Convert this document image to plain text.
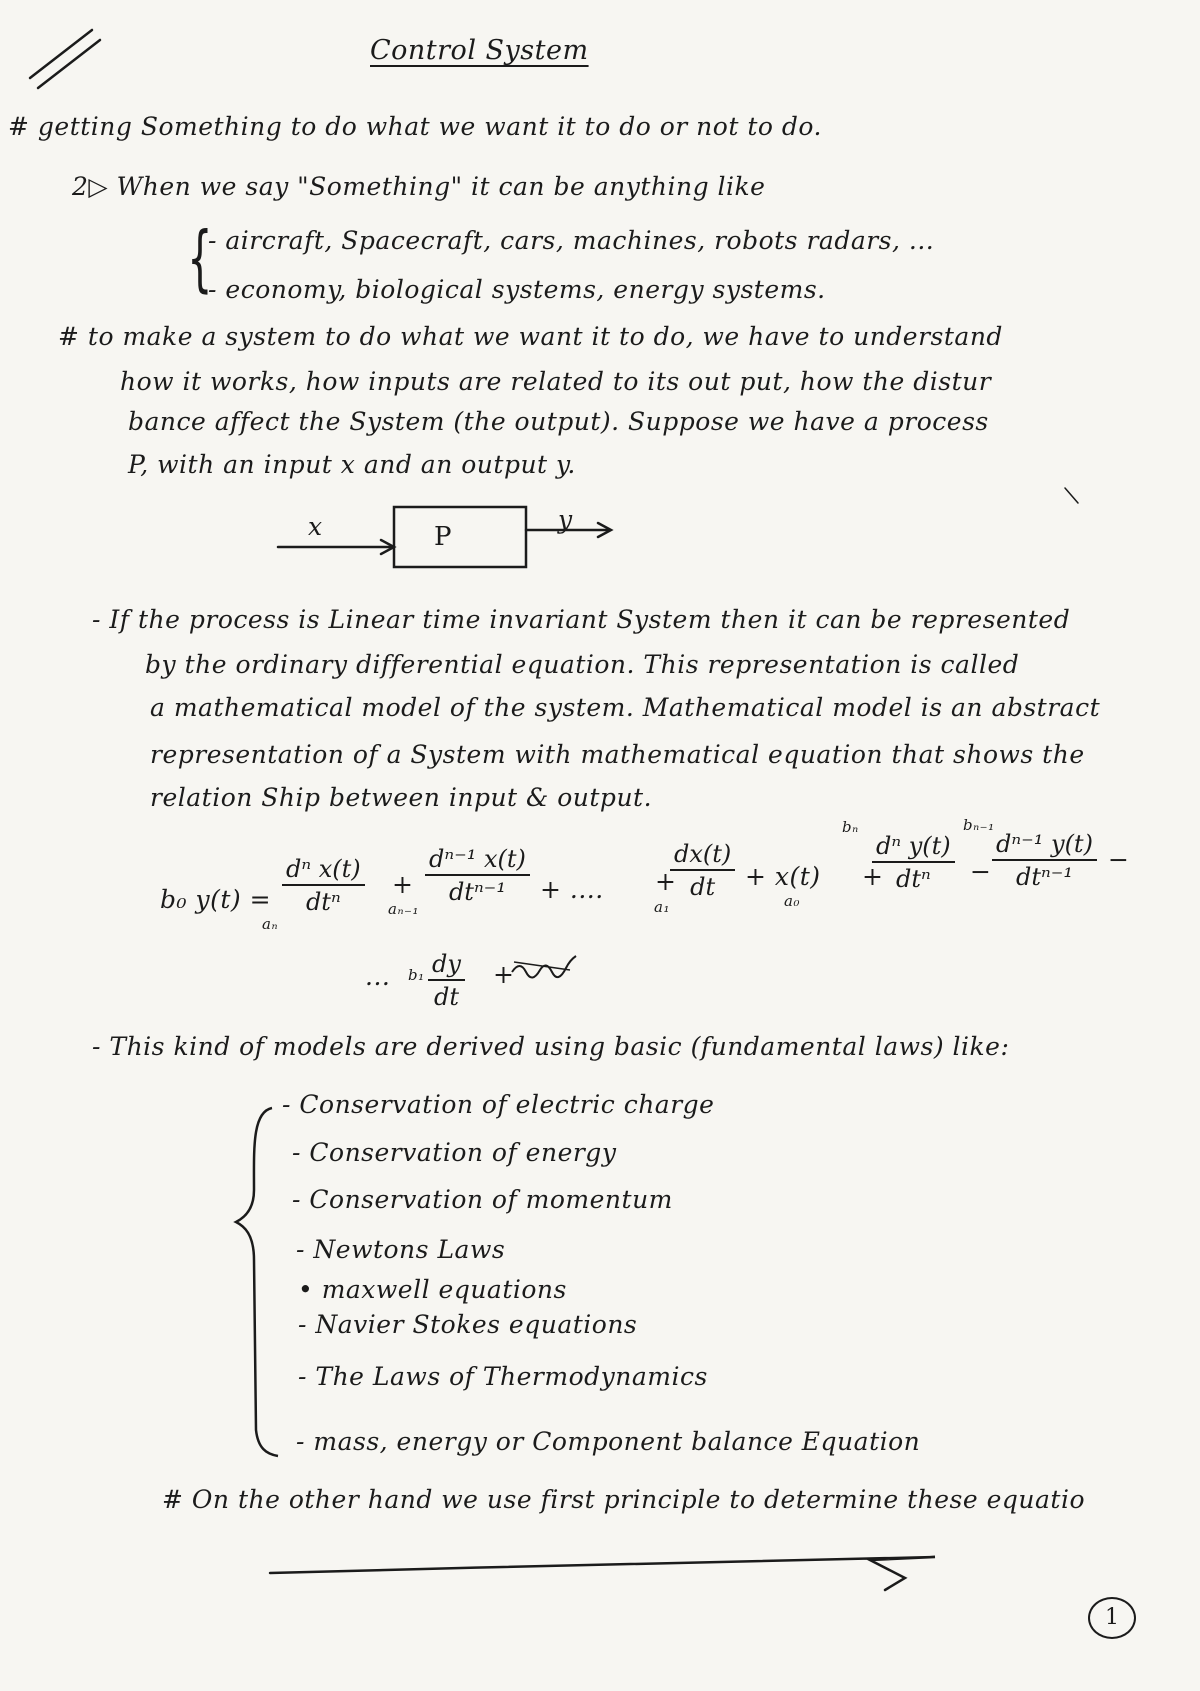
Control System
# getting Something to do what we want it to do or not to do.
2▷ When we say "Something" it can be anything like
{
- aircraft, Spacecraft, cars, machines, robots radars, ...
- economy, biological systems, energy systems.
# to make a system to do what we want it to do, we have to understand
how it works, how inputs are related to its out put, how the distur
bance affect the System (the output). Suppose we have a process
P, with an input x and an output y.
x	P
y
- If the process is Linear time invariant System then it can be represented
by the ordinary differential equation. This representation is called
a mathematical model of the system. Mathematical model is an abstract
representation of a System with mathematical equation that shows the
relation Ship between input & output.
b₀ y(t) =
aₙ
dⁿ x(t)
dtⁿ
+
aₙ₋₁
dⁿ⁻¹ x(t)
dtⁿ⁻¹	+ .... +
a₁
$\frac{dx(t)}{dt} + x(t)$
a₀
+
bₙ
dⁿ y(t)
dtⁿ	−
bₙ₋₁
dⁿ⁻¹ y(t)
dtⁿ⁻¹
−
... $b_1 \frac{dy}{dt}$ +
- This kind of models are derived using basic (fundamental laws) like:
- Conservation of electric charge
- Conservation of energy
- Conservation of momentum
- Newtons Laws
• maxwell equations
- Navier Stokes equations
- The Laws of Thermodynamics
- mass, energy or Component balance Equation
# On the other hand we use first principle to determine these equatio
1
